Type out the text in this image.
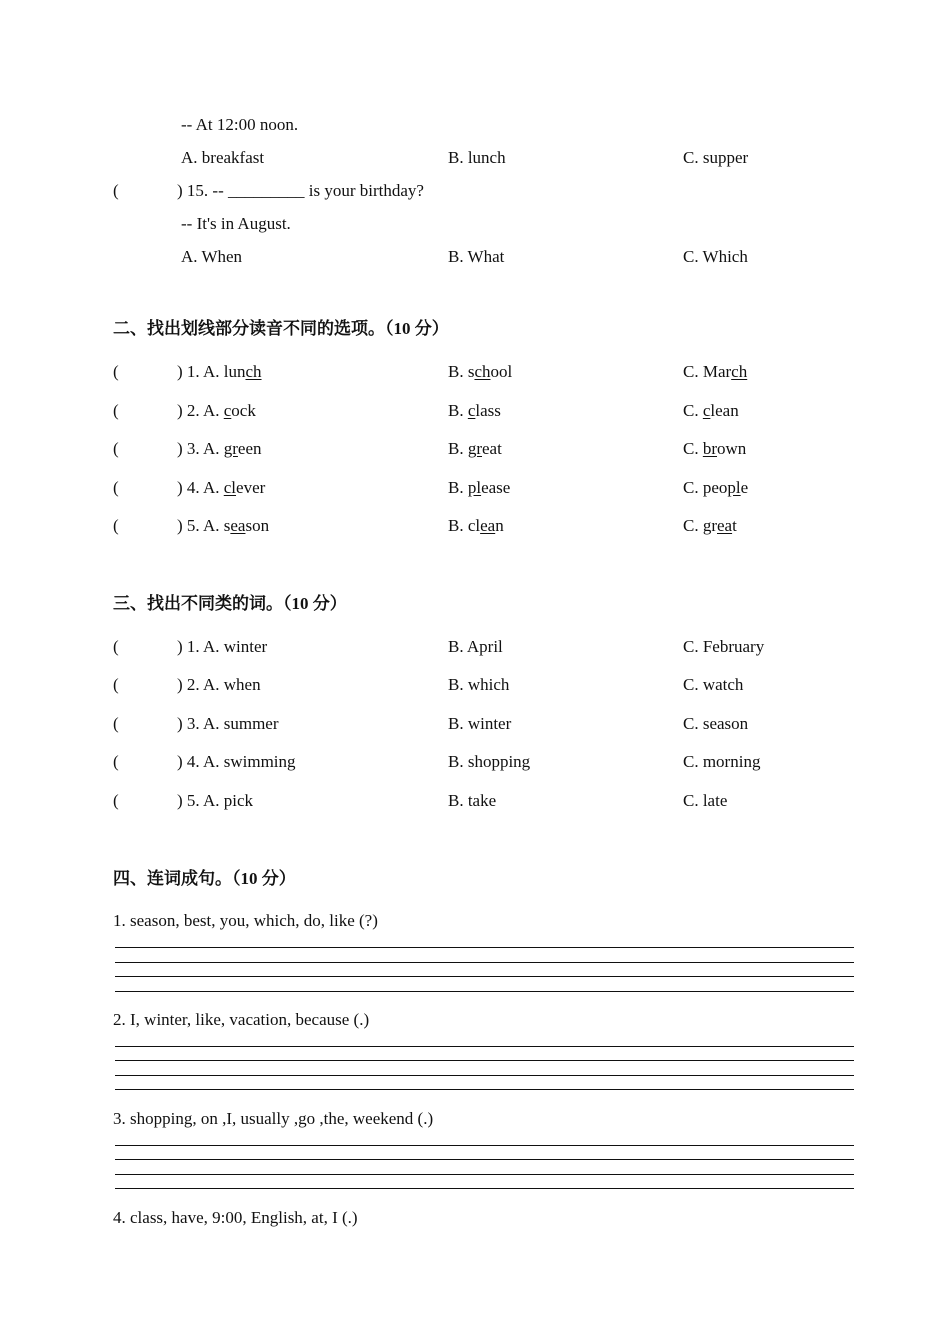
-- At 12:00 noon.
A. breakfast	B. lunch	C. supper
(	) 15. -- _________ is your birthday?
-- It's in August.
A. When	B. What	C. Which
二、找出划线部分读音不同的选项。（10 分）
(	) 1. A. lunch	B. school	C. March
(	) 2. A. cock	B. class	C. clean
(	) 3. A. green	B. great	C. brown
(	) 4. A. clever	B. please	C. people
(	) 5. A. season	B. clean	C. great
三、找出不同类的词。（10 分）
(	) 1. A. winter	B. April	C. February
(	) 2. A. when	B. which	C. watch
(	) 3. A. summer	B. winter	C. season
(	) 4. A. swimming	B. shopping	C. morning
(	) 5. A. pick	B. take	C. late
四、连词成句。（10 分）
1. season, best, you, which, do, like (?)
2. I, winter, like, vacation, because (.)
3. shopping, on ,I, usually ,go ,the, weekend (.)
4. class, have, 9:00, English, at, I (.)
